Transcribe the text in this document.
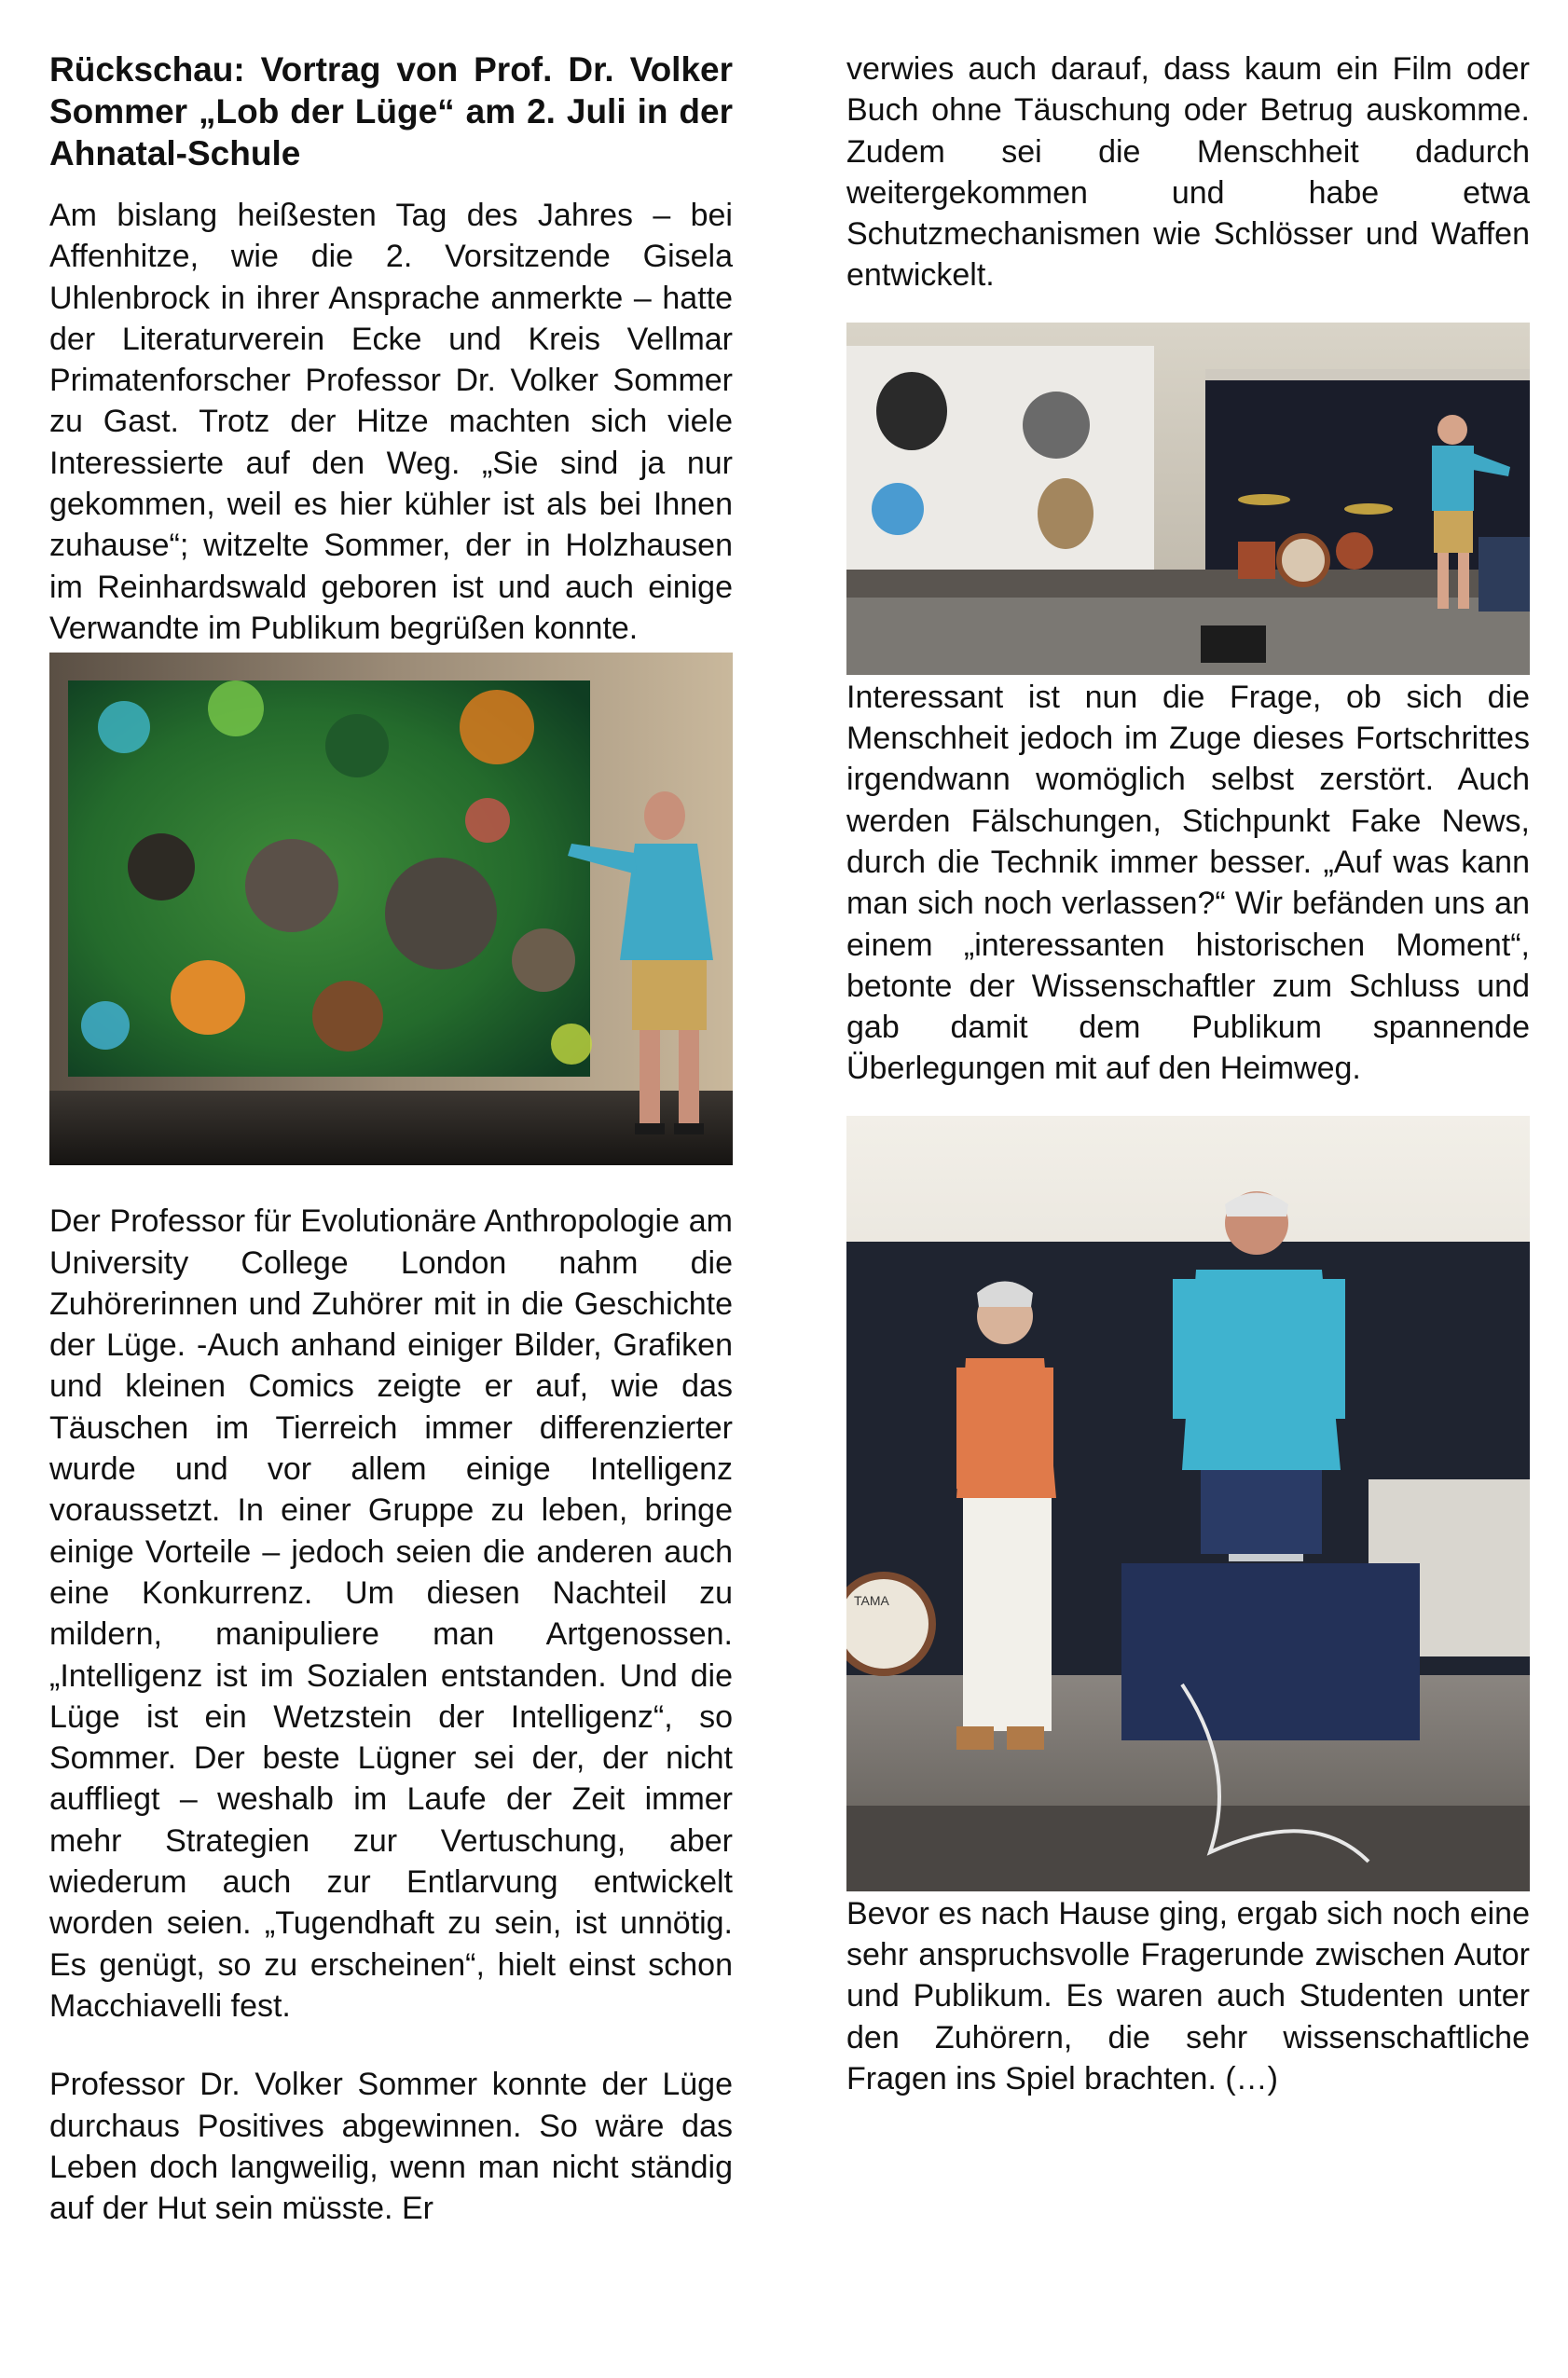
Rückschau: Vortrag von Prof. Dr. Volker Sommer „Lob der Lüge“ am 2. Juli in der Ahnatal-Schule

Am bislang heißesten Tag des Jahres – bei Affenhitze, wie die 2. Vorsitzende Gisela Uhlenbrock in ihrer Ansprache anmerkte – hatte der Literaturverein Ecke und Kreis Vellmar Primatenforscher Professor Dr. Volker Sommer zu Gast. Trotz der Hitze machten sich viele Interessierte auf den Weg. „Sie sind ja nur gekommen, weil es hier kühler ist als bei Ihnen zuhause“; witzelte Sommer, der in Holzhausen im Reinhardswald geboren ist und auch einige Verwandte im Publikum begrüßen konnte.

Der Professor für Evolutionäre Anthropologie am University College London nahm die Zuhörerinnen und Zuhörer mit in die Geschichte der Lüge. -Auch anhand einiger Bilder, Grafiken und kleinen Comics zeigte er auf, wie das Täuschen im Tierreich immer differenzierter wurde und vor allem einige Intelligenz voraussetzt. In einer Gruppe zu leben, bringe einige Vorteile – jedoch seien die anderen auch eine Konkurrenz. Um diesen Nachteil zu mildern, manipuliere man Artgenossen. „Intelligenz ist im Sozialen entstanden. Und die Lüge ist ein Wetzstein der Intelligenz“, so Sommer. Der beste Lügner sei der, der nicht auffliegt – weshalb im Laufe der Zeit immer mehr Strategien zur Vertuschung, aber wiederum auch zur Entlarvung entwickelt worden seien. „Tugendhaft zu sein, ist unnötig. Es genügt, so zu erscheinen“, hielt einst schon Macchiavelli fest.

Professor Dr. Volker Sommer konnte der Lüge durchaus Positives abgewinnen. So wäre das Leben doch langweilig, wenn man nicht ständig auf der Hut sein müsste. Er

verwies auch darauf, dass kaum ein Film oder Buch ohne Täuschung oder Betrug auskomme. Zudem sei die Menschheit dadurch weitergekommen und habe etwa Schutzmechanismen wie Schlösser und Waffen entwickelt.

Interessant ist nun die Frage, ob sich die Menschheit jedoch im Zuge dieses Fortschrittes irgendwann womöglich selbst zerstört. Auch werden Fälschungen, Stichpunkt Fake News, durch die Technik immer besser. „Auf was kann man sich noch verlassen?“ Wir befänden uns an einem „interessanten historischen Moment“, betonte der Wissenschaftler zum Schluss und gab damit dem Publikum spannende Überlegungen mit auf den Heimweg.

TAMA

Bevor es nach Hause ging, ergab sich noch eine sehr anspruchsvolle Fragerunde zwischen Autor und Publikum. Es waren auch Studenten unter den Zuhörern, die sehr wissenschaftliche Fragen ins Spiel brachten. (…)
